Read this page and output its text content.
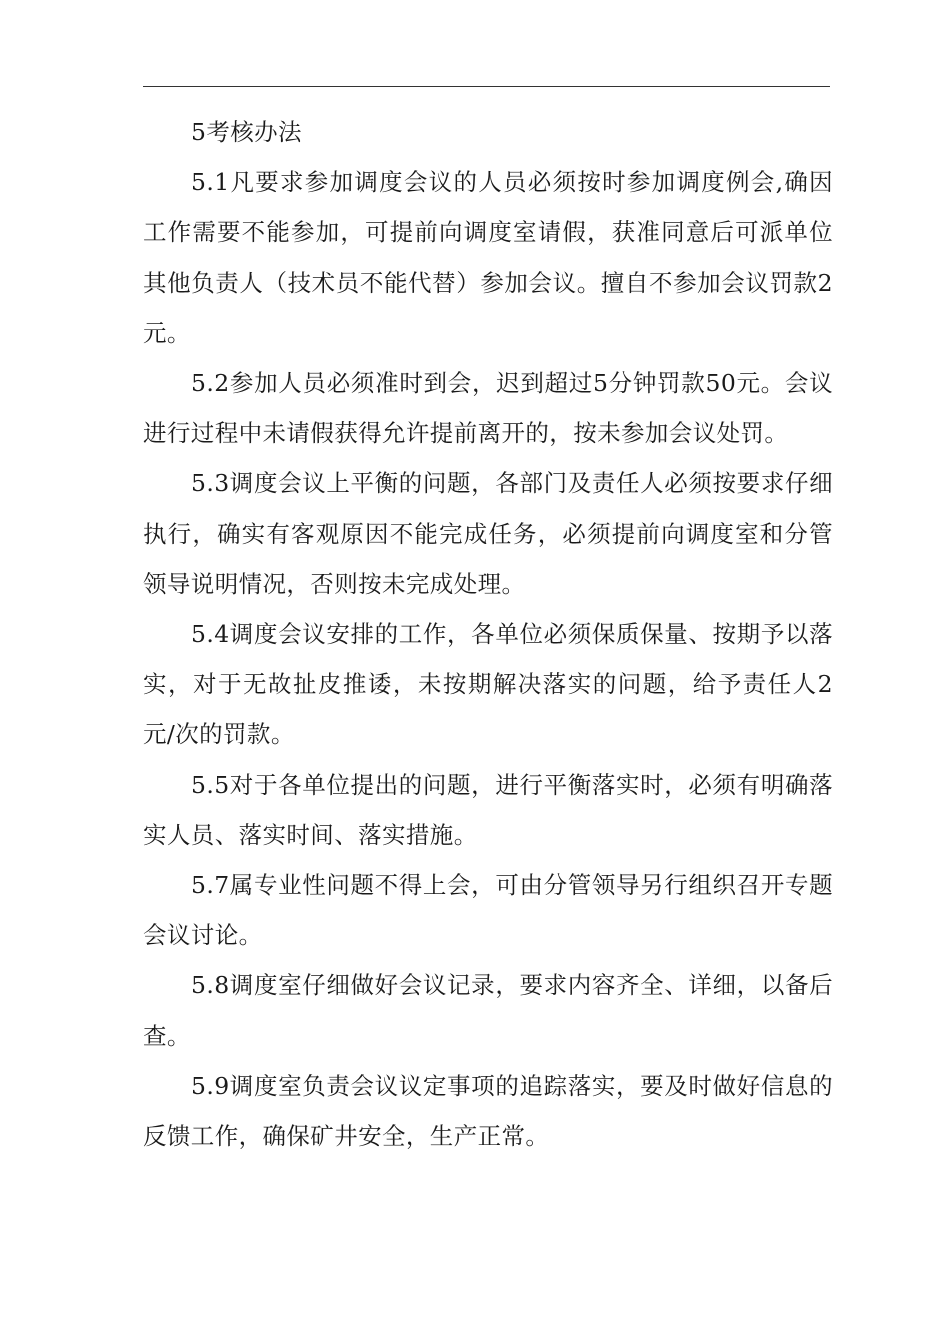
5考核办法

5.1凡要求参加调度会议的人员必须按时参加调度例会,确因工作需要不能参加，可提前向调度室请假，获准同意后可派单位其他负责人（技术员不能代替）参加会议。擅自不参加会议罚款2元。

5.2参加人员必须准时到会，迟到超过5分钟罚款50元。会议进行过程中未请假获得允许提前离开的，按未参加会议处罚。

5.3调度会议上平衡的问题，各部门及责任人必须按要求仔细执行，确实有客观原因不能完成任务，必须提前向调度室和分管领导说明情况，否则按未完成处理。

5.4调度会议安排的工作，各单位必须保质保量、按期予以落实，对于无故扯皮推诿，未按期解决落实的问题，给予责任人2元/次的罚款。

5.5对于各单位提出的问题，进行平衡落实时，必须有明确落实人员、落实时间、落实措施。

5.7属专业性问题不得上会，可由分管领导另行组织召开专题会议讨论。

5.8调度室仔细做好会议记录，要求内容齐全、详细，以备后查。

5.9调度室负责会议议定事项的追踪落实，要及时做好信息的反馈工作，确保矿井安全，生产正常。
